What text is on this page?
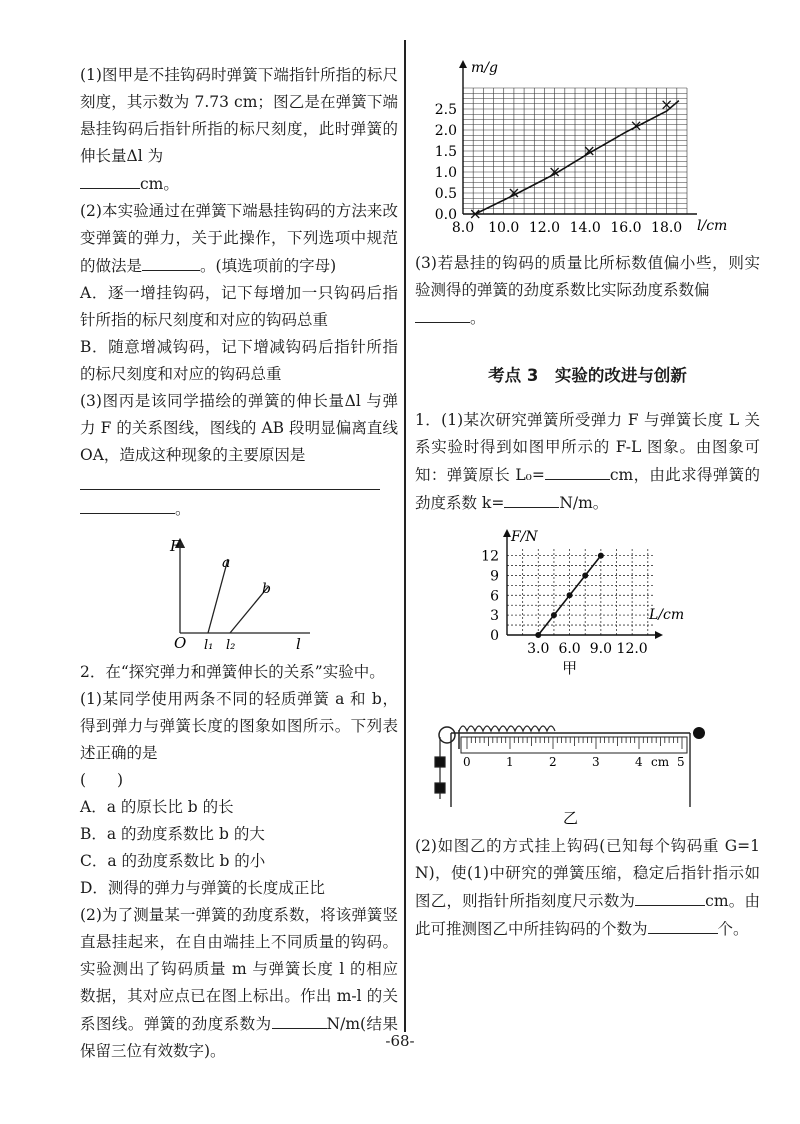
(1)图甲是不挂钩码时弹簧下端指针所指的标尺刻度，其示数为 7.73 cm；图乙是在弹簧下端悬挂钩码后指针所指的标尺刻度，此时弹簧的伸长量Δl 为
cm。

(2)本实验通过在弹簧下端悬挂钩码的方法来改变弹簧的弹力，关于此操作，下列选项中规范的做法是	。(填选项前的字母)

A．逐一增挂钩码，记下每增加一只钩码后指针所指的标尺刻度和对应的钩码总重

B．随意增减钩码，记下增减钩码后指针所指的标尺刻度和对应的钩码总重

(3)图丙是该同学描绘的弹簧的伸长量Δl 与弹力 F 的关系图线，图线的 AB 段明显偏离直线 OA，造成这种现象的主要原因是

。
F
O
a
b
l₁ l₂	l

2．在“探究弹力和弹簧伸长的关系”实验中。

(1)某同学使用两条不同的轻质弹簧 a 和 b，得到弹力与弹簧长度的图象如图所示。下列表述正确的是

(　　)

A．a 的原长比 b 的长

B．a 的劲度系数比 b 的大

C．a 的劲度系数比 b 的小

D．测得的弹力与弹簧的长度成正比

(2)为了测量某一弹簧的劲度系数，将该弹簧竖直悬挂起来，在自由端挂上不同质量的钩码。实验测出了钩码质量 m 与弹簧长度 l 的相应数据，其对应点已在图上标出。作出 m-l 的关系图线。弹簧的劲度系数为	N/m(结果保留三位有效数字)。

m/g
l/cm
0.0
0.5
1.0
1.5
2.0
2.5
8.0 10.0 12.0 14.0 16.0 18.0

(3)若悬挂的钩码的质量比所标数值偏小些，则实验测得的弹簧的劲度系数比实际劲度系数偏
。

考点 3　实验的改进与创新

1．(1)某次研究弹簧所受弹力 F 与弹簧长度 L 关系实验时得到如图甲所示的 F-L 图象。由图象可知：弹簧原长 L₀=	cm，由此求得弹簧的劲度系数 k=	N/m。

F/N
L/cm
0
3
6
9
12
3.0 6.0 9.0 12.0
甲
0	1	2	3	4 cm 5
乙

(2)如图乙的方式挂上钩码(已知每个钩码重 G=1 N)，使(1)中研究的弹簧压缩，稳定后指针指示如图乙，则指针所指刻度尺示数为	cm。由此可推测图乙中所挂钩码的个数为	个。

-68-
